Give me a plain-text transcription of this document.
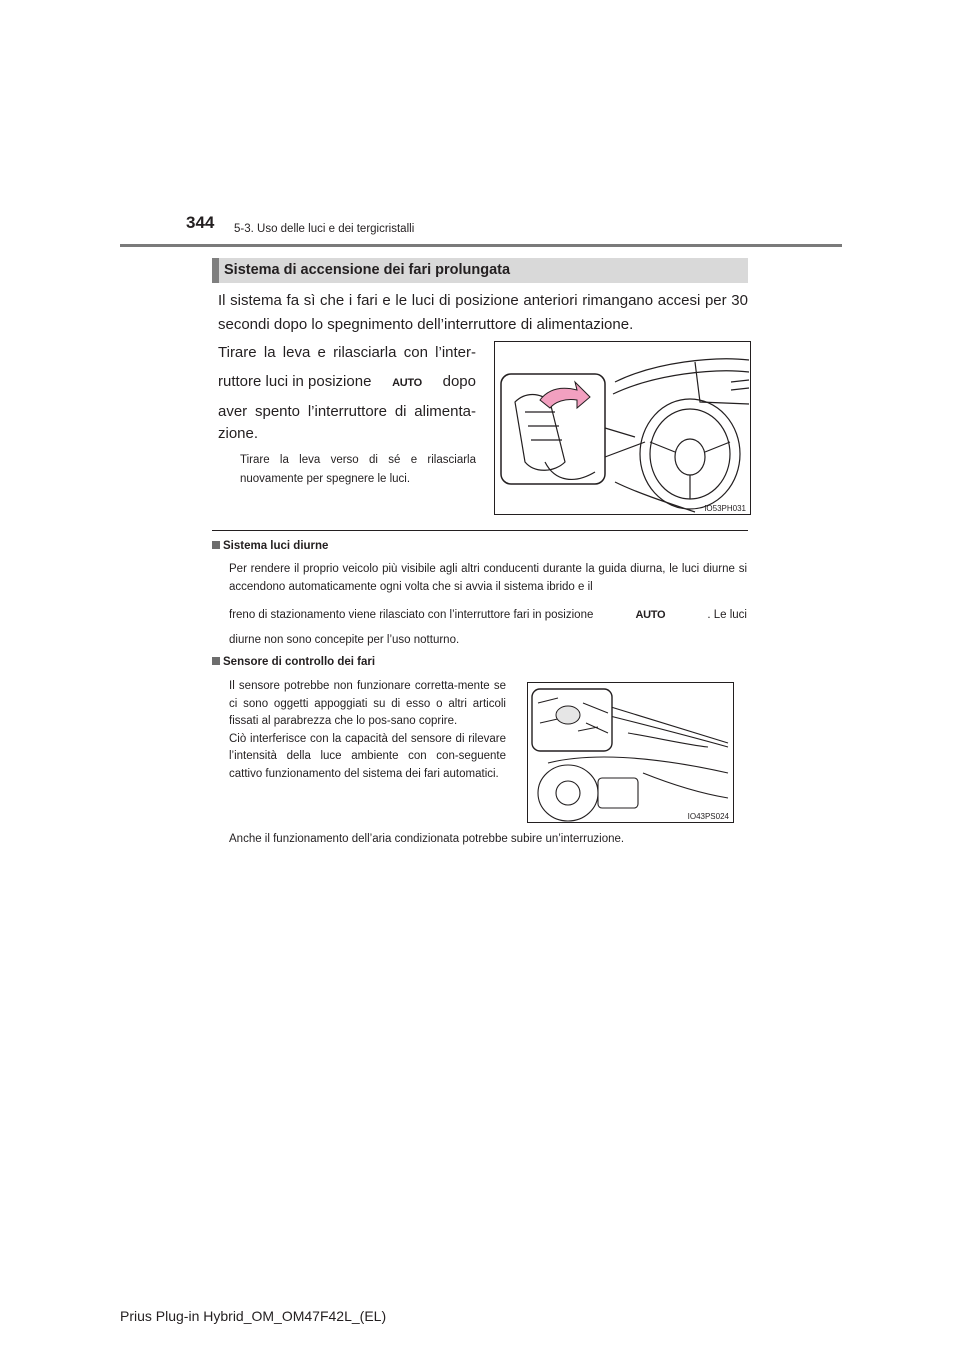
344 5-3. Uso delle luci e dei tergicristalli
Sistema di accensione dei fari prolungata
Il sistema fa sì che i fari e le luci di posizione anteriori rimangano accesi per 30 secondi dopo lo spegnimento dell’interruttore di alimentazione.
Tirare la leva e rilasciarla con l’inter-
ruttore luci in posizione	AUTO dopo
aver spento l’interruttore di alimenta-
zione.
Tirare la leva verso di sé e rilasciarla nuovamente per spegnere le luci.
IO53PH031
Sistema luci diurne
Per rendere il proprio veicolo più visibile agli altri conducenti durante la guida diurna, le luci diurne si accendono automaticamente ogni volta che si avvia il sistema ibrido e il
freno di stazionamento viene rilasciato con l’interruttore fari in posizione	AUTO	. Le luci
diurne non sono concepite per l’uso notturno.
Sensore di controllo dei fari
Il sensore potrebbe non funzionare corretta-mente se ci sono oggetti appoggiati su di esso o altri articoli fissati al parabrezza che lo pos-sano coprire.
Ciò interferisce con la capacità del sensore di rilevare l’intensità della luce ambiente con con-seguente cattivo funzionamento del sistema dei fari automatici.
IO43PS024
Anche il funzionamento dell’aria condizionata potrebbe subire un’interruzione.
Prius Plug-in Hybrid_OM_OM47F42L_(EL)
